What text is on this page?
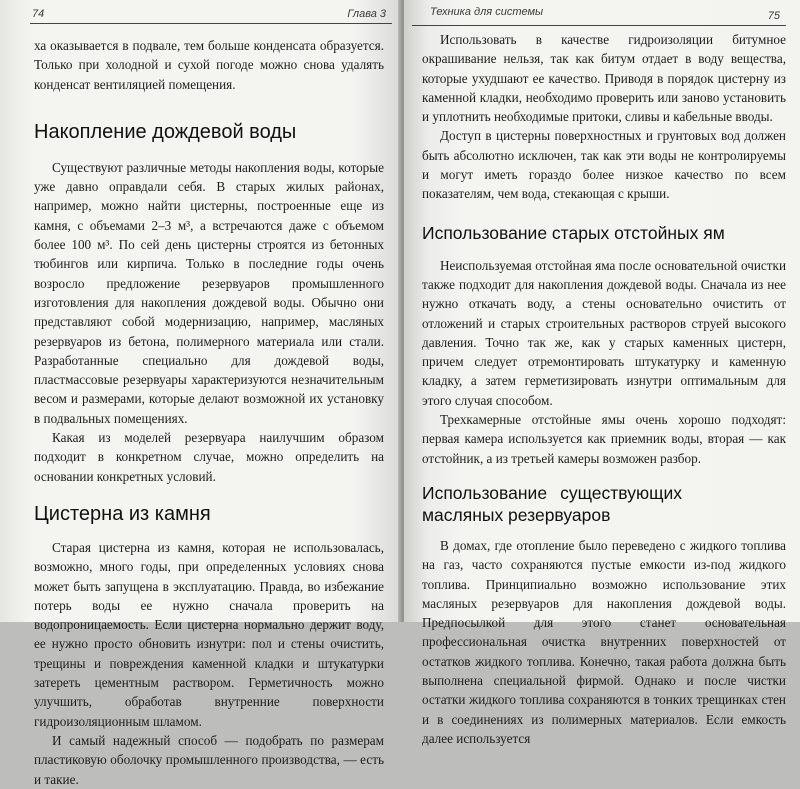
74	Глава 3

ха оказывается в подвале, тем больше конденсата образуется. Только при холодной и сухой погоде можно снова удалять конденсат вентиляцией помещения.

Накопление дождевой воды

Существуют различные методы накопления воды, которые уже давно оправдали себя. В старых жилых районах, например, можно найти цистерны, построенные еще из камня, с объемами 2–3 м³, а встречаются даже с объемом более 100 м³. По сей день цистерны строятся из бетонных тюбингов или кирпича. Только в последние годы очень возросло предложение резервуаров промышленного изготовления для накопления дождевой воды. Обычно они представляют собой модернизацию, например, масляных резервуаров из бетона, полимерного материала или стали. Разработанные специально для дождевой воды, пластмассовые резервуары характеризуются незначительным весом и размерами, которые делают возможной их установку в подвальных помещениях.

Какая из моделей резервуара наилучшим образом подходит в конкретном случае, можно определить на основании конкретных условий.

Цистерна из камня

Старая цистерна из камня, которая не использовалась, возможно, много годы, при определенных условиях снова может быть запущена в эксплуатацию. Правда, во избежание потерь воды ее нужно сначала проверить на водопроницаемость. Если цистерна нормально держит воду, ее нужно просто обновить изнутри: пол и стены очистить, трещины и повреждения каменной кладки и штукатурки затереть цементным раствором. Герметичность можно улучшить, обработав внутренние поверхности гидроизоляционным шламом.

И самый надежный способ — подобрать по размерам пластиковую оболочку промышленного производства, — есть и такие.

Техника для системы	75

Использовать в качестве гидроизоляции битумное окрашивание нельзя, так как битум отдает в воду вещества, которые ухудшают ее качество. Приводя в порядок цистерну из каменной кладки, необходимо проверить или заново установить и уплотнить необходимые притоки, сливы и кабельные вводы.

Доступ в цистерны поверхностных и грунтовых вод должен быть абсолютно исключен, так как эти воды не контролируемы и могут иметь гораздо более низкое качество по всем показателям, чем вода, стекающая с крыши.

Использование старых отстойных ям

Неиспользуемая отстойная яма после основательной очистки также подходит для накопления дождевой воды. Сначала из нее нужно откачать воду, а стены основательно очистить от отложений и старых строительных растворов струей высокого давления. Точно так же, как у старых каменных цистерн, причем следует отремонтировать штукатурку и каменную кладку, а затем герметизировать изнутри оптимальным для этого случая способом.

Трехкамерные отстойные ямы очень хорошо подходят: первая камера используется как приемник воды, вторая — как отстойник, а из третьей камеры возможен разбор.

Использование существующих масляных резервуаров

В домах, где отопление было переведено с жидкого топлива на газ, часто сохраняются пустые емкости из-под жидкого топлива. Принципиально возможно использование этих масляных резервуаров для накопления дождевой воды. Предпосылкой для этого станет основательная профессиональная очистка внутренних поверхностей от остатков жидкого топлива. Конечно, такая работа должна быть выполнена специальной фирмой. Однако и после чистки остатки жидкого топлива сохраняются в тонких трещинках стен и в соединениях из полимерных материалов. Если емкость далее используется
